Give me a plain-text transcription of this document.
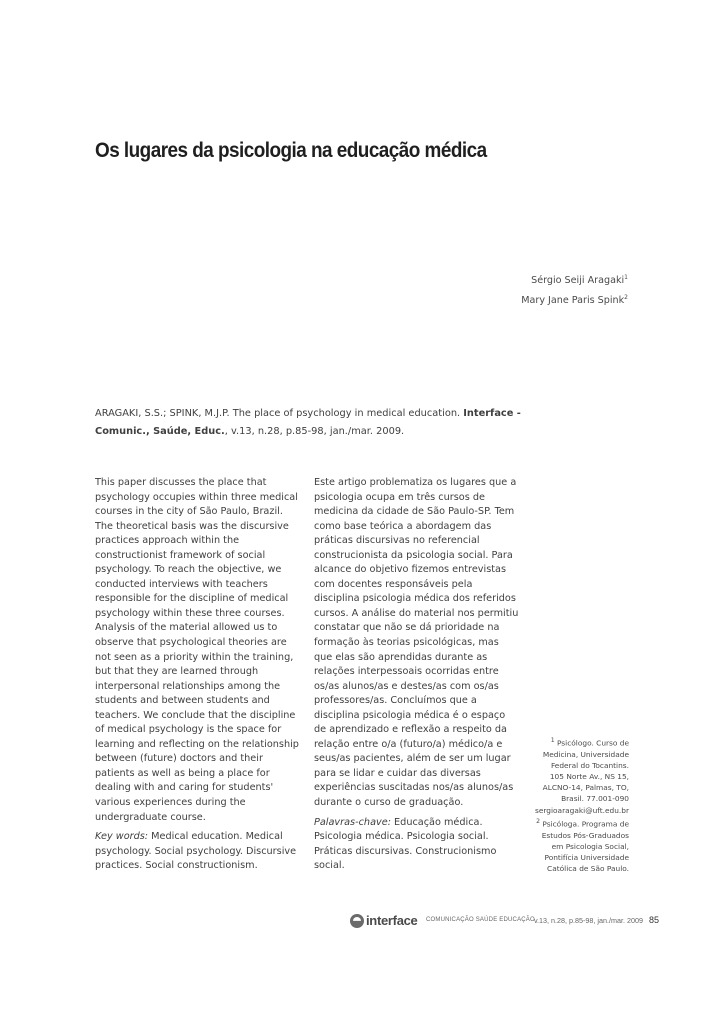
Os lugares da psicologia na educação médica
Sérgio Seiji Aragaki$^1$
Mary Jane Paris Spink$^2$
ARAGAKI, S.S.; SPINK, M.J.P. The place of psychology in medical education. Interface - Comunic., Saúde, Educ., v.13, n.28, p.85-98, jan./mar. 2009.

This paper discusses the place that psychology occupies within three medical courses in the city of São Paulo, Brazil. The theoretical basis was the discursive practices approach within the constructionist framework of social psychology. To reach the objective, we conducted interviews with teachers responsible for the discipline of medical psychology within these three courses. Analysis of the material allowed us to observe that psychological theories are not seen as a priority within the training, but that they are learned through interpersonal relationships among the students and between students and teachers. We conclude that the discipline of medical psychology is the space for learning and reflecting on the relationship between (future) doctors and their patients as well as being a place for dealing with and caring for students' various experiences during the undergraduate course.

Key words: Medical education. Medical psychology. Social psychology. Discursive practices. Social constructionism.

Este artigo problematiza os lugares que a psicologia ocupa em três cursos de medicina da cidade de São Paulo-SP. Tem como base teórica a abordagem das práticas discursivas no referencial construcionista da psicologia social. Para alcance do objetivo fizemos entrevistas com docentes responsáveis pela disciplina psicologia médica dos referidos cursos. A análise do material nos permitiu constatar que não se dá prioridade na formação às teorias psicológicas, mas que elas são aprendidas durante as relações interpessoais ocorridas entre os/as alunos/as e destes/as com os/as professores/as. Concluímos que a disciplina psicologia médica é o espaço de aprendizado e reflexão a respeito da relação entre o/a (futuro/a) médico/a e seus/as pacientes, além de ser um lugar para se lidar e cuidar das diversas experiências suscitadas nos/as alunos/as durante o curso de graduação.

Palavras-chave: Educação médica. Psicologia médica. Psicologia social. Práticas discursivas. Construcionismo social.

$^1$ Psicólogo. Curso de

Medicina, Universidade

Federal do Tocantins.

105 Norte Av., NS 15,

ALCNO-14, Palmas, TO,

Brasil. 77.001-090

sergioaragaki@uft.edu.br

$^2$ Psicóloga. Programa de

Estudos Pós-Graduados

em Psicologia Social,

Pontifícia Universidade

Católica de São Paulo.

interface COMUNICAÇÃO SAÚDE EDUCAÇÃO v.13, n.28, p.85-98, jan./mar. 2009 85
